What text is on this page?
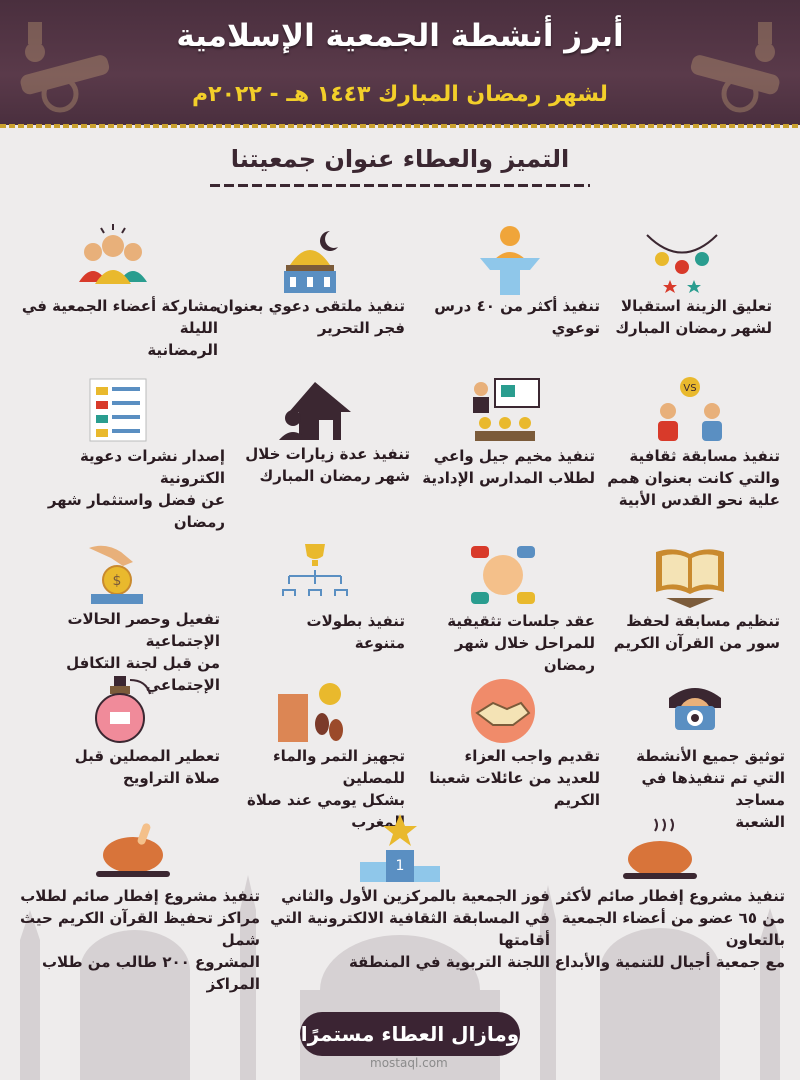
أبرز أنشطة الجمعية الإسلامية
لشهر رمضان المبارك ١٤٤٣ هـ - ٢٠٢٢م
التميز والعطاء عنوان جمعيتنا
تعليق الزينة استقبالا
لشهر رمضان المبارك
تنفيذ أكثر من ٤٠ درس توعوي
تنفيذ ملتقى دعوي بعنوان
فجر التحرير
مشاركة أعضاء الجمعية في الليلة
الرمضانية
VS
تنفيذ مسابقة ثقافية
والتي كانت بعنوان همم
علية نحو القدس الأبية
تنفيذ مخيم جيل واعي
لطلاب المدارس الإدادية
تنفيذ عدة زيارات خلال
شهر رمضان المبارك
إصدار نشرات دعوية الكترونية
عن فضل واستثمار شهر رمضان
تنظيم مسابقة لحفظ
سور من القرآن الكريم
عقد جلسات تثقيفية
للمراحل خلال شهر رمضان
تنفيذ بطولات
متنوعة
$
تفعيل وحصر الحالات الإجتماعية
من قبل لجنة التكافل الإجتماعي
توثيق جميع الأنشطة
التي تم تنفيذها في مساجد
الشعبة
تقديم واجب العزاء
للعديد من عائلات شعبنا الكريم
تجهيز التمر والماء للمصلين
بشكل يومي عند صلاة المغرب
تعطير المصلين قبل
صلاة التراويح
تنفيذ مشروع إفطار صائم لأكثر
من ٦٥ عضو من أعضاء الجمعية بالتعاون
مع جمعية أجيال للتنمية والأبداع
1
فوز الجمعية بالمركزين الأول والثاني
في المسابقة الثقافية الالكترونية التي أقامتها
اللجنة التربوية في المنطقة
تنفيذ مشروع إفطار صائم لطلاب
مراكز تحفيظ القرآن الكريم حيث شمل
المشروع ٢٠٠ طالب من طلاب المراكز
ومازال العطاء مستمرًا
mostaql.com
